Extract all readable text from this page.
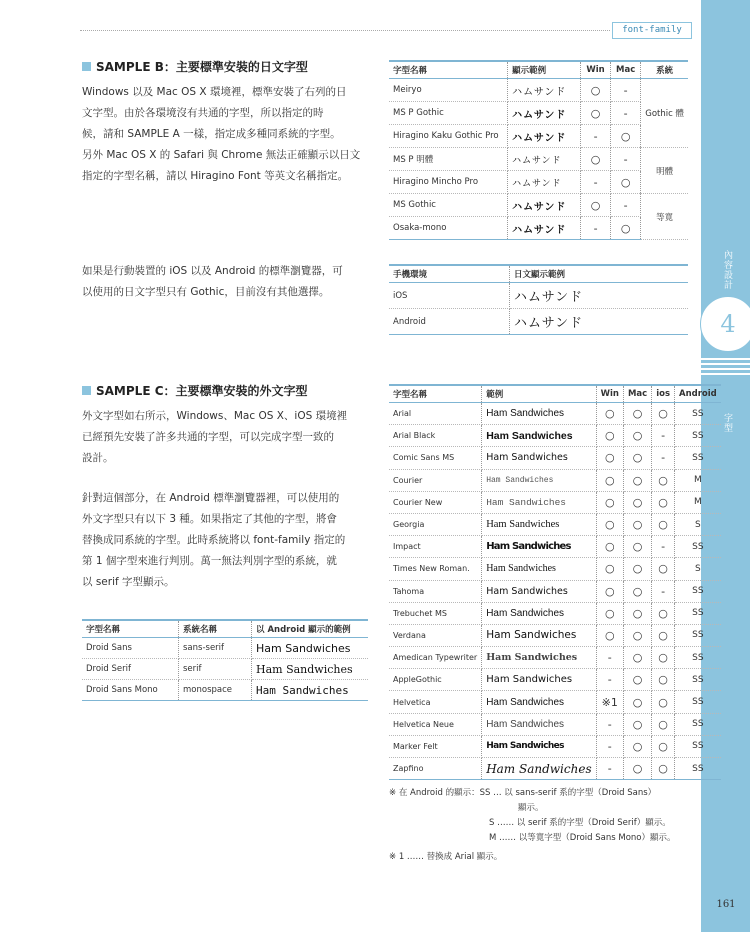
內容設計
4
字型
161
font-family
SAMPLE B：主要標準安裝的日文字型
Windows 以及 Mac OS X 環境裡，標準安裝了右列的日
文字型。由於各環境沒有共通的字型，所以指定的時
候，請和 SAMPLE A 一樣，指定成多種同系統的字型。
另外 Mac OS X 的 Safari 與 Chrome 無法正確顯示以日文
指定的字型名稱，請以 Hiragino Font 等英文名稱指定。
字型名稱	顯示範例	Win	Mac	系統
Meiryo	ハムサンド	○	-	Gothic 體
MS P Gothic	ハムサンド	○	-	
Hiragino Kaku Gothic Pro	ハムサンド	-	○	
MS P 明體	ハムサンド	○	-	明體
Hiragino Mincho Pro	ハムサンド	-	○	
MS Gothic	ハムサンド	○	-	等寬
Osaka-mono	ハムサンド	-	○	
如果是行動裝置的 iOS 以及 Android 的標準瀏覽器，可
以使用的日文字型只有 Gothic，目前沒有其他選擇。
手機環境	日文顯示範例
iOS	ハムサンド
Android	ハムサンド
SAMPLE C：主要標準安裝的外文字型
外文字型如右所示，Windows、Mac OS X、iOS 環境裡
已經預先安裝了許多共通的字型，可以完成字型一致的
設計。
針對這個部分，在 Android 標準瀏覽器裡，可以使用的
外文字型只有以下 3 種。如果指定了其他的字型，將會
替換成同系統的字型。此時系統將以 font-family 指定的
第 1 個字型來進行判別。萬一無法判別字型的系統，就
以 serif 字型顯示。
字型名稱	系統名稱	以 Android 顯示的範例
Droid Sans	sans-serif	Ham Sandwiches
Droid Serif	serif	Ham Sandwiches
Droid Sans Mono	monospace	Ham Sandwiches
字型名稱	範例	Win	Mac	ios	Android
Arial	Ham Sandwiches	○	○	○	SS
Arial Black	Ham Sandwiches	○	○	-	SS
Comic Sans MS	Ham Sandwiches	○	○	-	SS
Courier	Ham Sandwiches	○	○	○	M
Courier New	Ham Sandwiches	○	○	○	M
Georgia	Ham Sandwiches	○	○	○	S
Impact	Ham Sandwiches	○	○	-	SS
Times New Roman.	Ham Sandwiches	○	○	○	S
Tahoma	Ham Sandwiches	○	○	-	SS
Trebuchet MS	Ham Sandwiches	○	○	○	SS
Verdana	Ham Sandwiches	○	○	○	SS
Amedican Typewriter	Ham Sandwiches	-	○	○	SS
AppleGothic	Ham Sandwiches	-	○	○	SS
Helvetica	Ham Sandwiches	※1	○	○	SS
Helvetica Neue	Ham Sandwiches	-	○	○	SS
Marker Felt	Ham Sandwiches	-	○	○	SS
Zapfino	Ham Sandwiches	-	○	○	SS
※ 在 Android 的顯示：SS … 以 sans-serif 系的字型（Droid Sans）
顯示。
S …… 以 serif 系的字型（Droid Serif）顯示。
M …… 以等寬字型（Droid Sans Mono）顯示。
※ 1 …… 替換成 Arial 顯示。
